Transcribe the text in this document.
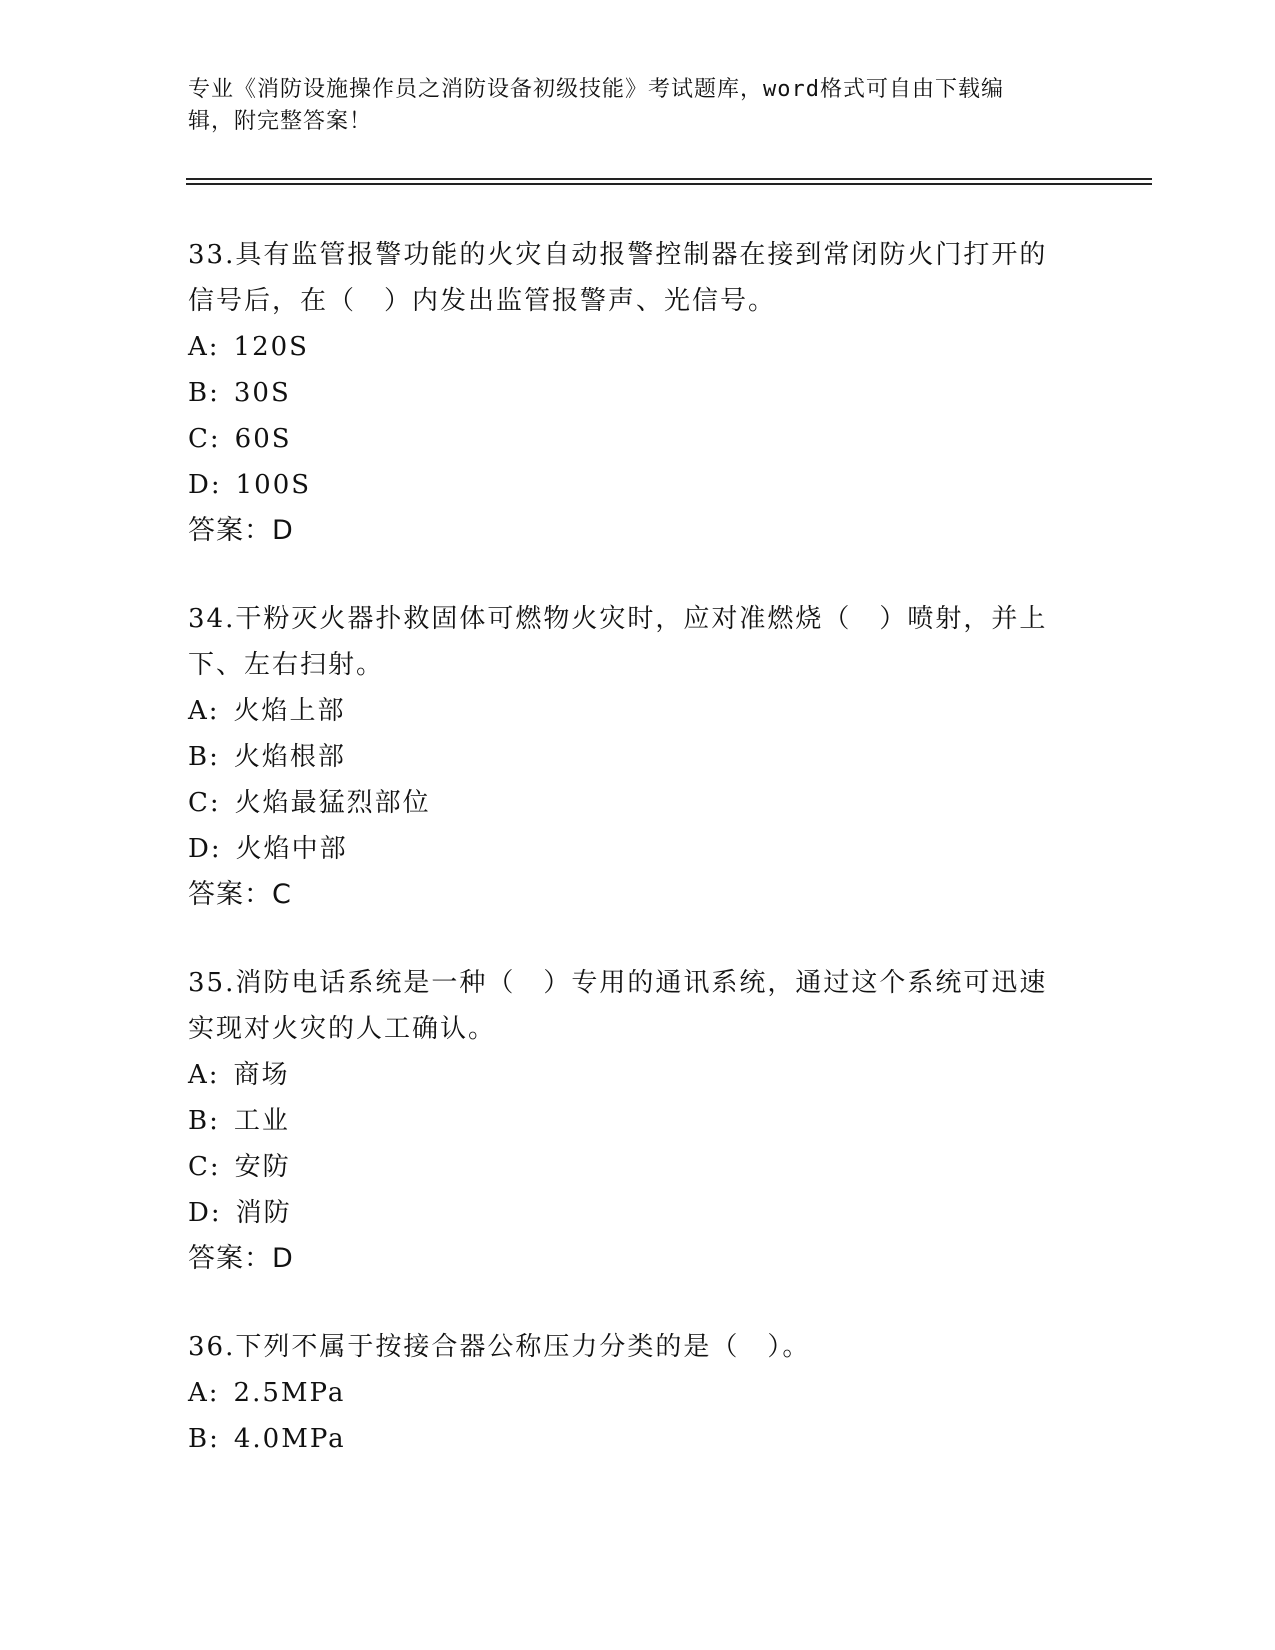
专业《消防设施操作员之消防设备初级技能》考试题库，word格式可自由下载编
辑，附完整答案！

33.具有监管报警功能的火灾自动报警控制器在接到常闭防火门打开的

信号后，在（　）内发出监管报警声、光信号。

A: 120S

B: 30S

C: 60S

D: 100S

答案：D

34.干粉灭火器扑救固体可燃物火灾时，应对准燃烧（　）喷射，并上

下、左右扫射。

A: 火焰上部

B: 火焰根部

C: 火焰最猛烈部位

D: 火焰中部

答案：C

35.消防电话系统是一种（　）专用的通讯系统，通过这个系统可迅速

实现对火灾的人工确认。

A: 商场

B: 工业

C: 安防

D: 消防

答案：D

36.下列不属于按接合器公称压力分类的是（　）。

A: 2.5MPa

B: 4.0MPa
